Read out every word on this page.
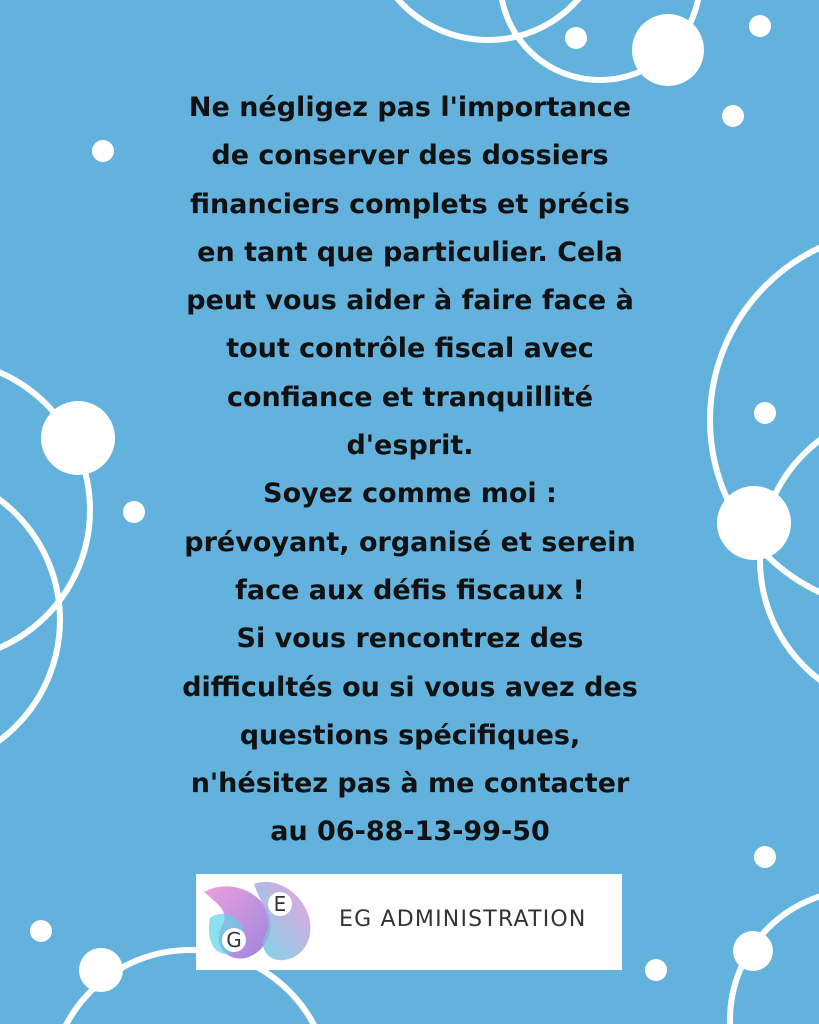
Ne négligez pas l'importance
de conserver des dossiers
financiers complets et précis
en tant que particulier. Cela
peut vous aider à faire face à
tout contrôle fiscal avec
confiance et tranquillité
d'esprit.
Soyez comme moi :
prévoyant, organisé et serein
face aux défis fiscaux !
Si vous rencontrez des
difficultés ou si vous avez des
questions spécifiques,
n'hésitez pas à me contacter
au 06-88-13-99-50
E
G
EG ADMINISTRATION
